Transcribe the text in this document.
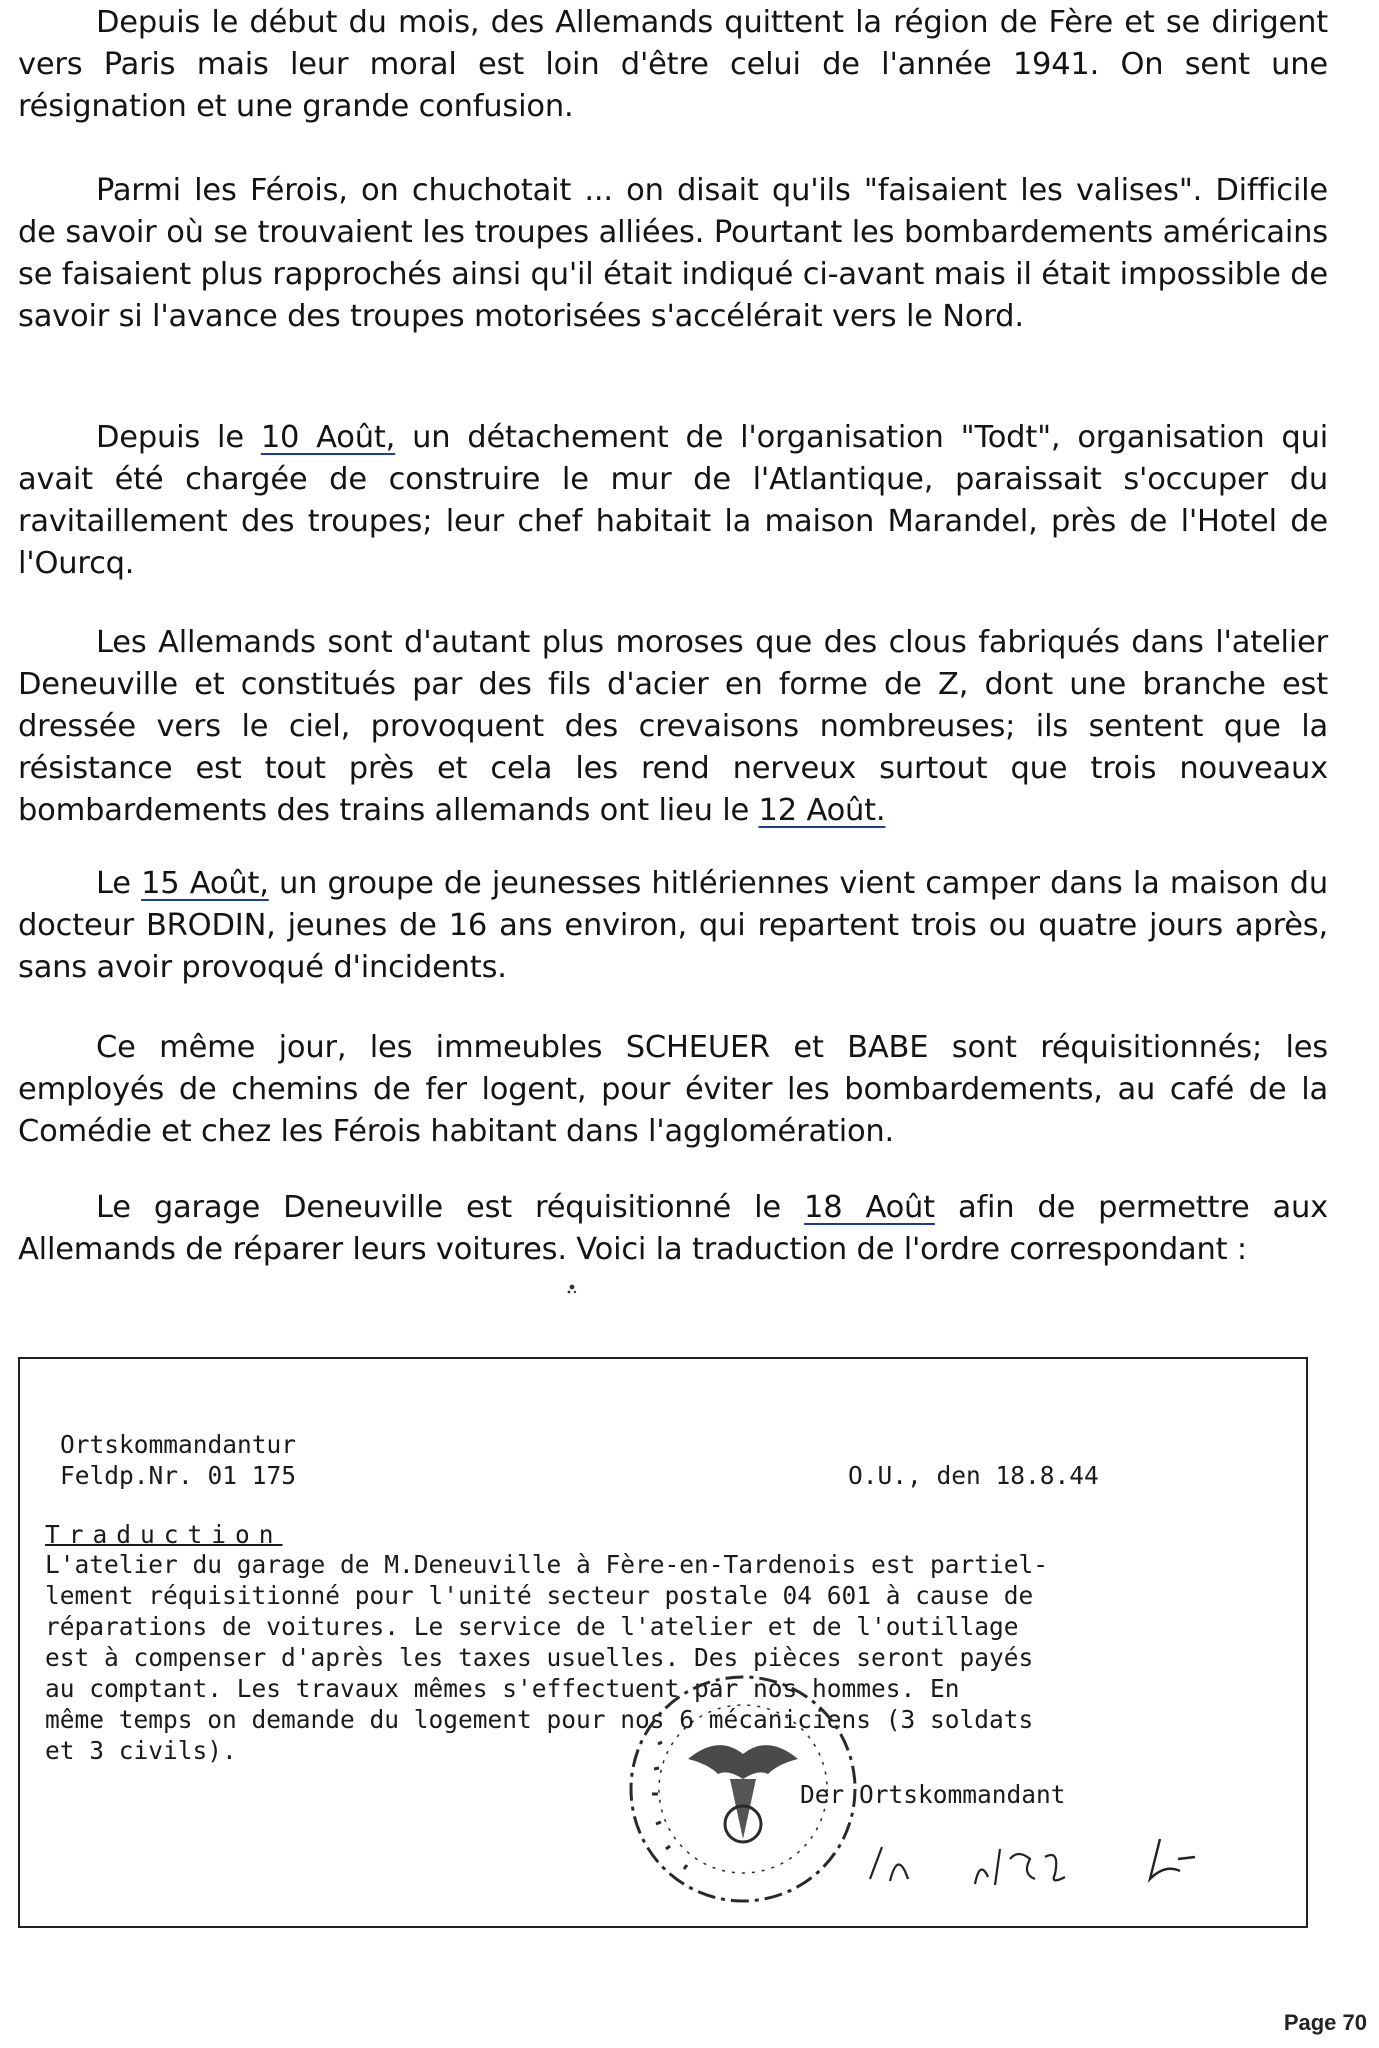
Depuis le début du mois, des Allemands quittent la région de Fère et se dirigent vers Paris mais leur moral est loin d'être celui de l'année 1941. On sent une résignation et une grande confusion.

Parmi les Férois, on chuchotait ... on disait qu'ils "faisaient les valises". Difficile de savoir où se trouvaient les troupes alliées. Pourtant les bombardements américains se faisaient plus rapprochés ainsi qu'il était indiqué ci-avant mais il était impossible de savoir si l'avance des troupes motorisées s'accélérait vers le Nord.

Depuis le 10 Août, un détachement de l'organisation "Todt", organisation qui avait été chargée de construire le mur de l'Atlantique, paraissait s'occuper du ravitaillement des troupes; leur chef habitait la maison Marandel, près de l'Hotel de l'Ourcq.

Les Allemands sont d'autant plus moroses que des clous fabriqués dans l'atelier Deneuville et constitués par des fils d'acier en forme de Z, dont une branche est dressée vers le ciel, provoquent des crevaisons nombreuses; ils sentent que la résistance est tout près et cela les rend nerveux surtout que trois nouveaux bombardements des trains allemands ont lieu le 12 Août.

Le 15 Août, un groupe de jeunesses hitlériennes vient camper dans la maison du docteur BRODIN, jeunes de 16 ans environ, qui repartent trois ou quatre jours après, sans avoir provoqué d'incidents.

Ce même jour, les immeubles SCHEUER et BABE sont réquisitionnés; les employés de chemins de fer logent, pour éviter les bombardements, au café de la Comédie et chez les Férois habitant dans l'agglomération.

Le garage Deneuville est réquisitionné le 18 Août afin de permettre aux Allemands de réparer leurs voitures. Voici la traduction de l'ordre correspondant :

Ortskommandantur
Feldp.Nr. 01 175	O.U., den 18.8.44
Traduction
L'atelier du garage de M.Deneuville à Fère-en-Tardenois est partiel-
lement réquisitionné pour l'unité secteur postale 04 601 à cause de
réparations de voitures. Le service de l'atelier et de l'outillage
est à compenser d'après les taxes usuelles. Des pièces seront payés
au comptant. Les travaux mêmes s'effectuent par nos hommes. En
même temps on demande du logement pour nos 6 mécaniciens (3 soldats
et 3 civils).
Der Ortskommandant
Page 70
